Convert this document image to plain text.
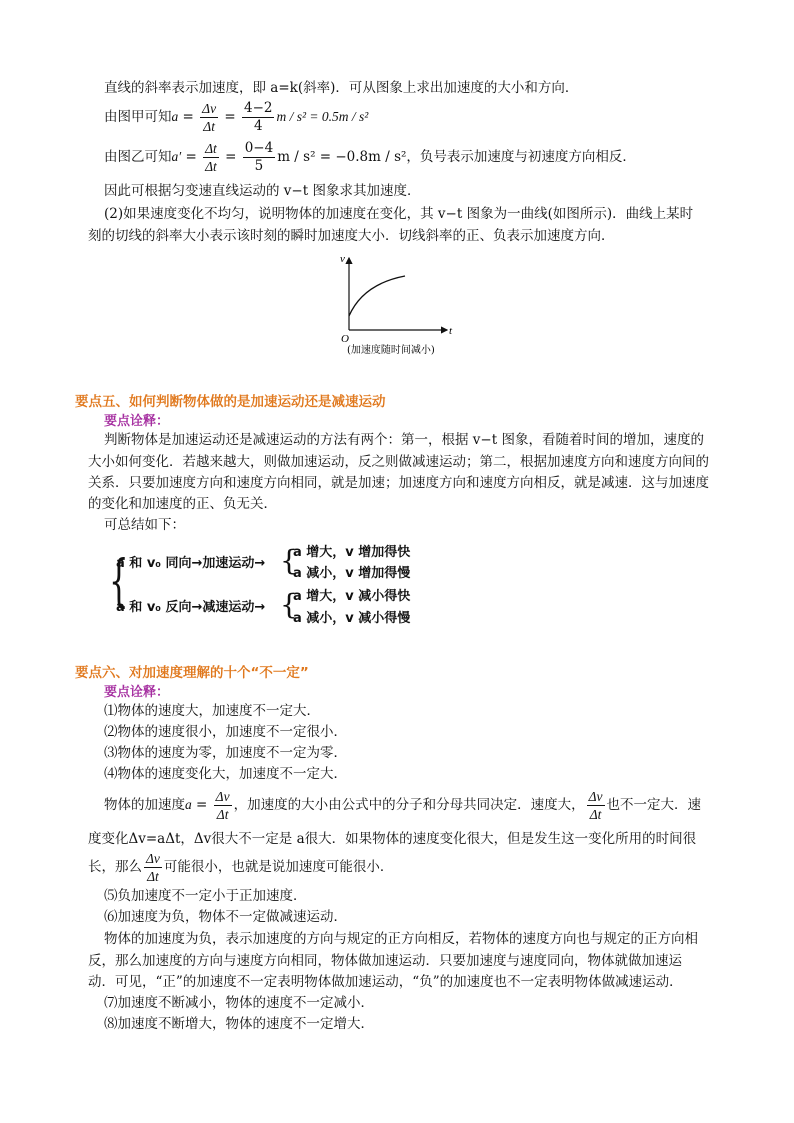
直线的斜率表示加速度，即 a=k(斜率)．可从图象上求出加速度的大小和方向．
由图甲可知$a = \frac{\Delta v}{\Delta t} = \frac{4-2}{4}$ m / s² = 0.5m / s²
由图乙可知$a' = \frac{\Delta t}{\Delta t} = \frac{0-4}{5}$ m / s² = −0.8m / s²，负号表示加速度与初速度方向相反．
因此可根据匀变速直线运动的 v−t 图象求其加速度．
(2)如果速度变化不均匀，说明物体的加速度在变化，其 v−t 图象为一曲线(如图所示)．曲线上某时
刻的切线的斜率大小表示该时刻的瞬时加速度大小．切线斜率的正、负表示加速度方向．
v
t
O
(加速度随时间减小)
要点五、如何判断物体做的是加速运动还是减速运动
要点诠释：
判断物体是加速运动还是减速运动的方法有两个：第一，根据 v−t 图象，看随着时间的增加，速度的
大小如何变化．若越来越大，则做加速运动，反之则做减速运动；第二，根据加速度方向和速度方向间的
关系．只要加速度方向和速度方向相同，就是加速；加速度方向和速度方向相反，就是减速．这与加速度
的变化和加速度的正、负无关．
可总结如下：
{
a 和 v₀ 同向→加速运动→ {
a 增大，v 增加得快
a 减小，v 增加得慢
a 和 v₀ 反向→减速运动→ {
a 增大，v 减小得快
a 减小，v 减小得慢
要点六、对加速度理解的十个“不一定”
要点诠释：
⑴物体的速度大，加速度不一定大．
⑵物体的速度很小，加速度不一定很小．
⑶物体的速度为零，加速度不一定为零．
⑷物体的速度变化大，加速度不一定大．
物体的加速度$a = \frac{\Delta v}{\Delta t}$ ，加速度的大小由公式中的分子和分母共同决定．速度大， $\frac{\Delta v}{\Delta t}$ 也不一定大．速
度变化Δv=aΔt，Δv很大不一定是 a很大．如果物体的速度变化很大，但是发生这一变化所用的时间很
长，那么 $\frac{\Delta v}{\Delta t}$ 可能很小，也就是说加速度可能很小．
⑸负加速度不一定小于正加速度．
⑹加速度为负，物体不一定做减速运动．
物体的加速度为负，表示加速度的方向与规定的正方向相反，若物体的速度方向也与规定的正方向相
反，那么加速度的方向与速度方向相同，物体做加速运动．只要加速度与速度同向，物体就做加速运
动．可见，“正”的加速度不一定表明物体做加速运动，“负”的加速度也不一定表明物体做减速运动．
⑺加速度不断减小，物体的速度不一定减小．
⑻加速度不断增大，物体的速度不一定增大．
